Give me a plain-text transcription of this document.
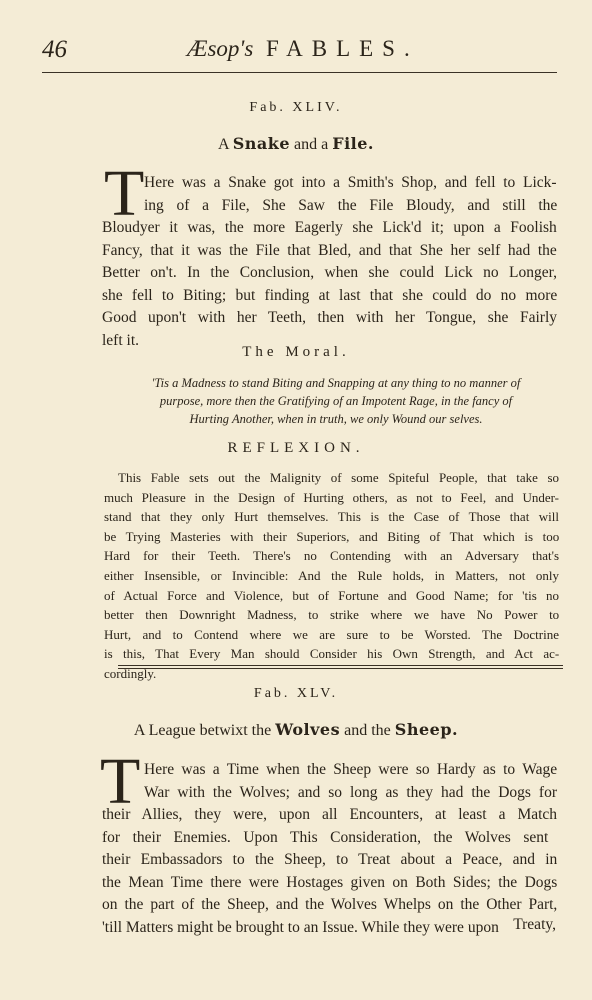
46	Æsop's FABLES.
Fab. XLIV.
A Snake and a File.
T Here was a Snake got into a Smith's Shop, and fell to Lick-
ing of a File, She Saw the File Bloudy, and still the
Bloudyer it was, the more Eagerly she Lick'd it; upon a Foolish
Fancy, that it was the File that Bled, and that She her self had the
Better on't. In the Conclusion, when she could Lick no Longer,
she fell to Biting; but finding at last that she could do no more
Good upon't with her Teeth, then with her Tongue, she Fairly
left it.
The Moral.
'Tis a Madness to stand Biting and Snapping at any thing to no manner of
purpose, more then the Gratifying of an Impotent Rage, in the fancy of
Hurting Another, when in truth, we only Wound our selves.
REFLEXION.
This Fable sets out the Malignity of some Spiteful People, that take so
much Pleasure in the Design of Hurting others, as not to Feel, and Under-
stand that they only Hurt themselves. This is the Case of Those that will
be Trying Masteries with their Superiors, and Biting of That which is too
Hard for their Teeth. There's no Contending with an Adversary that's
either Insensible, or Invincible: And the Rule holds, in Matters, not only
of Actual Force and Violence, but of Fortune and Good Name; for 'tis no
better then Downright Madness, to strike where we have No Power to
Hurt, and to Contend where we are sure to be Worsted. The Doctrine
is this, That Every Man should Consider his Own Strength, and Act ac-
cordingly.
Fab. XLV.
A League betwixt the Wolves and the Sheep.
T Here was a Time when the Sheep were so Hardy as to Wage
War with the Wolves; and so long as they had the Dogs for
their Allies, they were, upon all Encounters, at least a Match
for their Enemies. Upon This Consideration, the Wolves sent
their Embassadors to the Sheep, to Treat about a Peace, and in
the Mean Time there were Hostages given on Both Sides; the Dogs
on the part of the Sheep, and the Wolves Whelps on the Other Part,
'till Matters might be brought to an Issue. While they were upon Treaty,
